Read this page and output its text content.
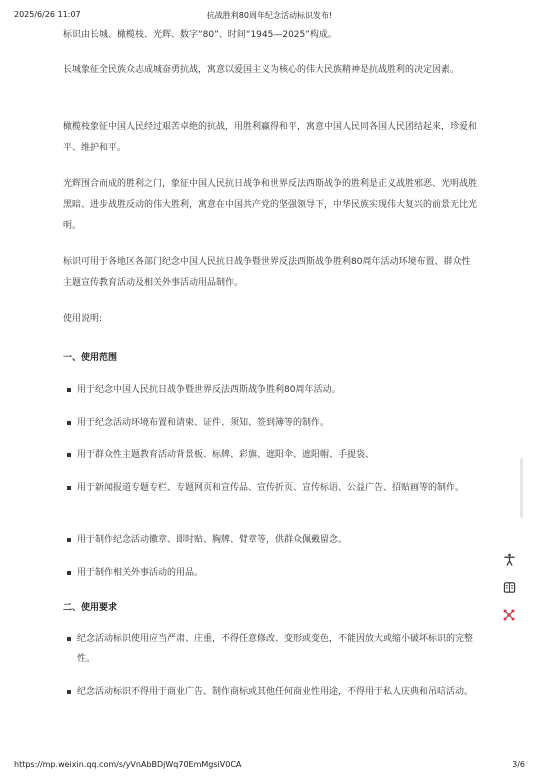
2025/6/26 11:07	抗战胜利80周年纪念活动标识发布!

标识由长城、橄榄枝、光辉、数字“80”、时间“1945—2025”构成。

长城象征全民族众志成城奋勇抗战，寓意以爱国主义为核心的伟大民族精神是抗战胜利的决定因素。

橄榄枝象征中国人民经过艰苦卓绝的抗战，用胜利赢得和平，寓意中国人民同各国人民团结起来，珍爱和平、维护和平。

光辉围合而成的胜利之门，象征中国人民抗日战争和世界反法西斯战争的胜利是正义战胜邪恶、光明战胜黑暗、进步战胜反动的伟大胜利，寓意在中国共产党的坚强领导下，中华民族实现伟大复兴的前景无比光明。

标识可用于各地区各部门纪念中国人民抗日战争暨世界反法西斯战争胜利80周年活动环境布置、群众性主题宣传教育活动及相关外事活动用品制作。

使用说明:

一、使用范围
用于纪念中国人民抗日战争暨世界反法西斯战争胜利80周年活动。
用于纪念活动环境布置和请柬、证件、须知、签到簿等的制作。
用于群众性主题教育活动背景板、标牌、彩旗、遮阳伞、遮阳帽、手提袋、
用于新闻报道专题专栏、专题网页和宣传品、宣传折页、宣传标语、公益广告、招贴画等的制作。
用于制作纪念活动徽章、即时贴、胸牌、臂章等，供群众佩戴留念。
用于制作相关外事活动的用品。
二、使用要求
纪念活动标识使用应当严肃、庄重，不得任意修改、变形或变色，不能因放大或缩小破坏标识的完整性。
纪念活动标识不得用于商业广告、制作商标或其他任何商业性用途，不得用于私人庆典和吊唁活动。
https://mp.weixin.qq.com/s/yVnAbBDjWq70EmMgsiV0CA	3/6
